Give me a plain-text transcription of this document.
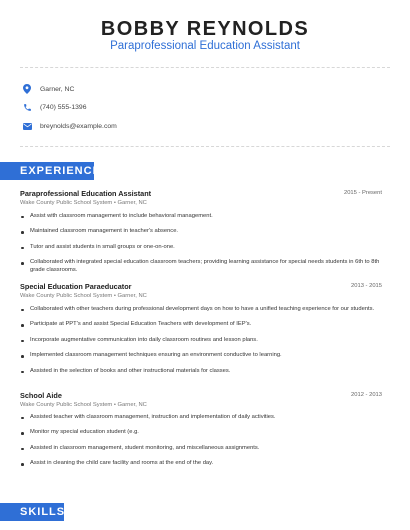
BOBBY REYNOLDS
Paraprofessional Education Assistant
Garner, NC
(740) 555-1396
breynolds@example.com
EXPERIENCE
Paraprofessional Education Assistant	2015 - Present
Wake County Public School System • Garner, NC
Assist with classroom management to include behavioral management.
Maintained classroom management in teacher's absence.
Tutor and assist students in small groups or one-on-one.
Collaborated with integrated special education classroom teachers; providing learning assistance for special needs students in 6th to 8th grade classrooms.
Special Education Paraeducator	2013 - 2015
Wake County Public School System • Garner, NC
Collaborated with other teachers during professional development days on how to have a unified teaching experience for our students.
Participate at PPT's and assist Special Education Teachers with development of IEP's.
Incorporate augmentative communication into daily classroom routines and lesson plans.
Implemented classroom management techniques ensuring an environment conductive to learning.
Assisted in the selection of books and other instructional materials for classes.
School Aide	2012 - 2013
Wake County Public School System • Garner, NC
Assisted teacher with classroom management, instruction and implementation of daily activities.
Monitor my special education student (e.g.
Assisted in classroom management, student monitoring, and miscellaneous assignments.
Assist in cleaning the child care facility and rooms at the end of the day.
SKILLS
